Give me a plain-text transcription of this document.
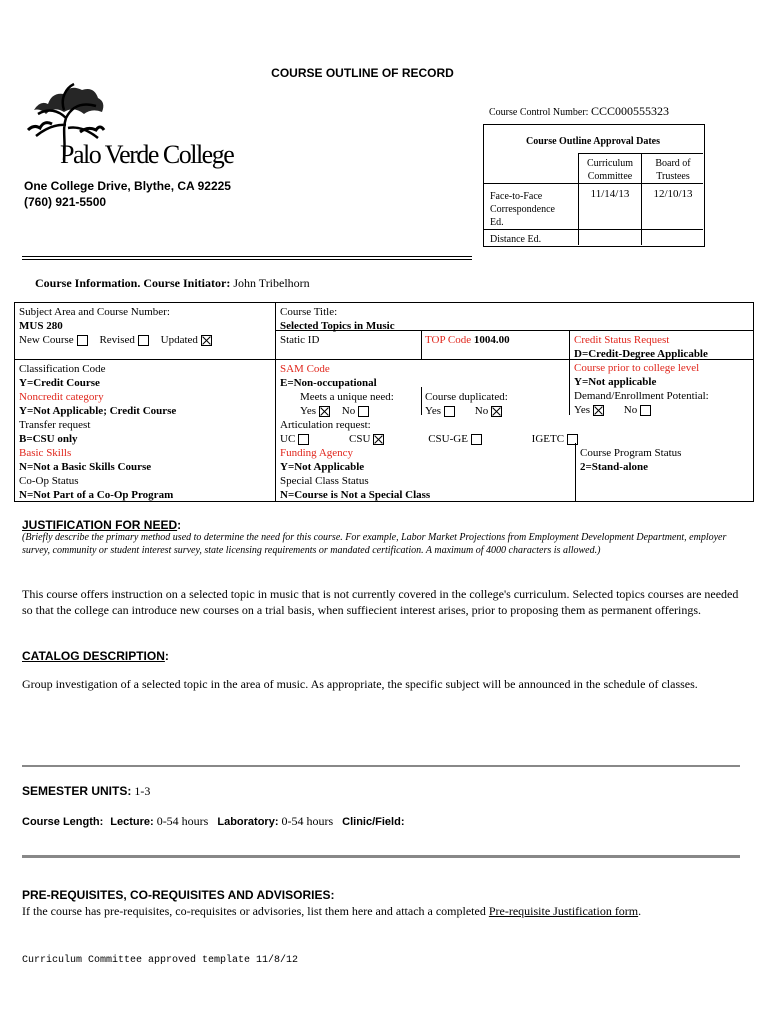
COURSE OUTLINE OF RECORD
Palo Verde College
One College Drive, Blythe, CA 92225
(760) 921-5500
Course Control Number: CCC000555323
Course Outline Approval Dates
Curriculum Committee
Board of Trustees
Face-to-Face	11/14/13	12/10/13
Correspondence Ed.
Distance Ed.
Course Information. Course Initiator: John Tribelhorn
Subject Area and Course Number:
MUS 280
New Course Revised Updated
Classification Code
Y=Credit Course
Noncredit category
Y=Not Applicable; Credit Course
Transfer request
B=CSU only
Basic Skills
N=Not a Basic Skills Course
Co-Op Status
N=Not Part of a Co-Op Program
Course Title:
Selected Topics in Music
Static ID	TOP Code 1004.00
SAM Code
E=Non-occupational
Meets a unique need:
Yes No
Course duplicated:
Yes	No
Articulation request:
UC	CSU	CSU-GE	IGETC
Funding Agency
Y=Not Applicable
Special Class Status
N=Course is Not a Special Class
Credit Status Request
D=Credit-Degree Applicable
Course prior to college level
Y=Not applicable
Demand/Enrollment Potential:
Yes	No
Course Program Status
2=Stand-alone
JUSTIFICATION FOR NEED:
(Briefly describe the primary method used to determine the need for this course. For example, Labor Market Projections from Employment Development Department, employer survey, community or student interest survey, state licensing requirements or mandated certification. A maximum of 4000 characters is allowed.)
This course offers instruction on a selected topic in music that is not currently covered in the college's curriculum. Selected topics courses are needed so that the college can introduce new courses on a trial basis, when suffiecient interest arises, prior to proposing them as permanent offerings.
CATALOG DESCRIPTION:
Group investigation of a selected topic in the area of music. As appropriate, the specific subject will be announced in the schedule of classes.
SEMESTER UNITS: 1-3
Course Length: Lecture: 0-54 hours Laboratory: 0-54 hours Clinic/Field:
PRE-REQUISITES, CO-REQUISITES AND ADVISORIES:
If the course has pre-requisites, co-requisites or advisories, list them here and attach a completed Pre-requisite Justification form.
Curriculum Committee approved template 11/8/12
